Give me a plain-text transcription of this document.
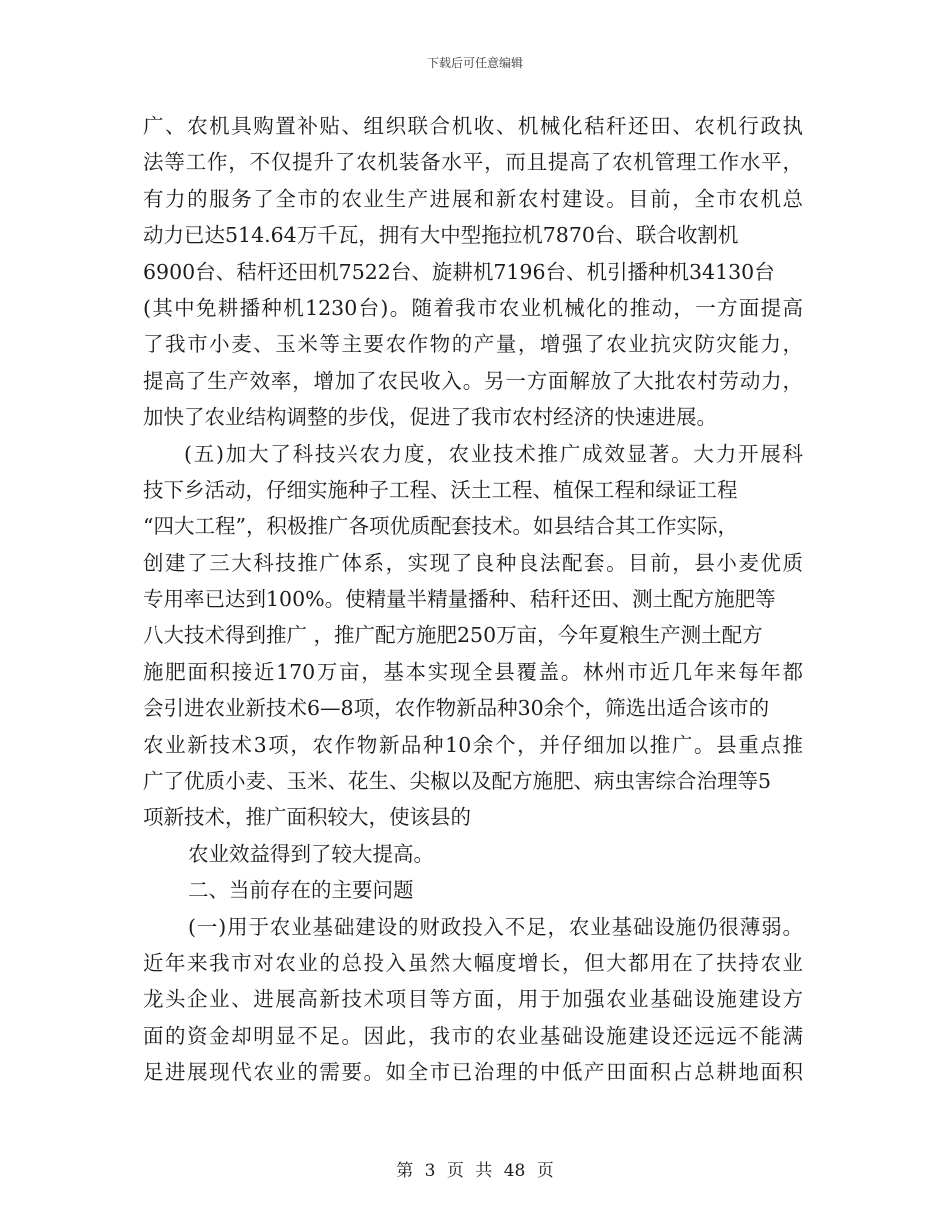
下载后可任意编辑
广、农机具购置补贴、组织联合机收、机械化秸秆还田、农机行政执
法等工作，不仅提升了农机装备水平，而且提高了农机管理工作水平，
有力的服务了全市的农业生产进展和新农村建设。目前，全市农机总
动力已达514.64万千瓦，拥有大中型拖拉机7870台、联合收割机
6900台、秸杆还田机7522台、旋耕机7196台、机引播种机34130台
(其中免耕播种机1230台)。随着我市农业机械化的推动，一方面提高
了我市小麦、玉米等主要农作物的产量，增强了农业抗灾防灾能力，
提高了生产效率，增加了农民收入。另一方面解放了大批农村劳动力，
加快了农业结构调整的步伐，促进了我市农村经济的快速进展。
(五)加大了科技兴农力度，农业技术推广成效显著。大力开展科
技下乡活动，仔细实施种子工程、沃土工程、植保工程和绿证工程
“四大工程”，积极推广各项优质配套技术。如县结合其工作实际，
创建了三大科技推广体系，实现了良种良法配套。目前，县小麦优质
专用率已达到100%。使精量半精量播种、秸秆还田、测土配方施肥等
八大技术得到推广 ，推广配方施肥250万亩，今年夏粮生产测土配方
施肥面积接近170万亩，基本实现全县覆盖。林州市近几年来每年都
会引进农业新技术6—8项，农作物新品种30余个，筛选出适合该市的
农业新技术3项，农作物新品种10余个，并仔细加以推广。县重点推
广了优质小麦、玉米、花生、尖椒以及配方施肥、病虫害综合治理等5
项新技术，推广面积较大，使该县的
农业效益得到了较大提高。
二、当前存在的主要问题
(一)用于农业基础建设的财政投入不足，农业基础设施仍很薄弱。
近年来我市对农业的总投入虽然大幅度增长，但大都用在了扶持农业
龙头企业、进展高新技术项目等方面，用于加强农业基础设施建设方
面的资金却明显不足。因此，我市的农业基础设施建设还远远不能满
足进展现代农业的需要。如全市已治理的中低产田面积占总耕地面积
第 3 页 共 48 页
